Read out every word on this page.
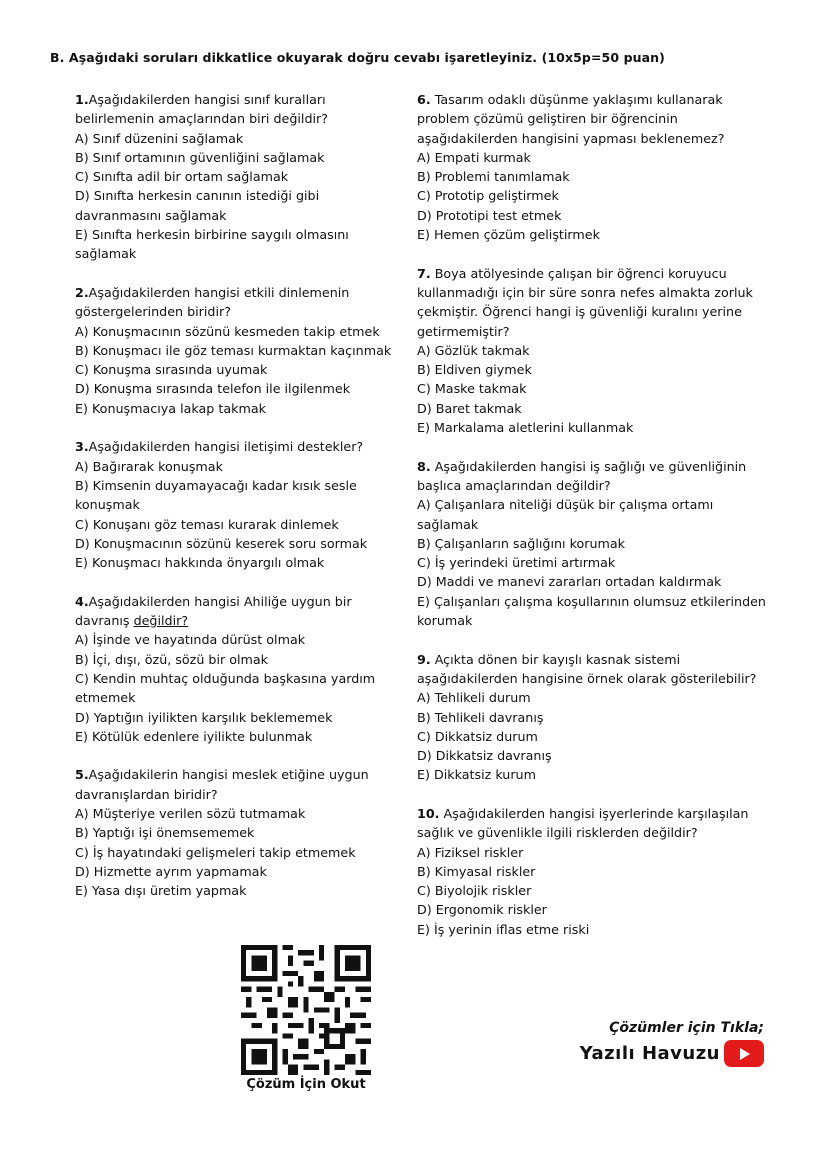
B. Aşağıdaki soruları dikkatlice okuyarak doğru cevabı işaretleyiniz. (10x5p=50 puan)
1.Aşağıdakilerden hangisi sınıf kuralları belirlemenin amaçlarından biri değildir?
A) Sınıf düzenini sağlamak
B) Sınıf ortamının güvenliğini sağlamak
C) Sınıfta adil bir ortam sağlamak
D) Sınıfta herkesin canının istediği gibi davranmasını sağlamak
E) Sınıfta herkesin birbirine saygılı olmasını sağlamak
2.Aşağıdakilerden hangisi etkili dinlemenin göstergelerinden biridir?
A) Konuşmacının sözünü kesmeden takip etmek
B) Konuşmacı ile göz teması kurmaktan kaçınmak
C) Konuşma sırasında uyumak
D) Konuşma sırasında telefon ile ilgilenmek
E) Konuşmacıya lakap takmak
3.Aşağıdakilerden hangisi iletişimi destekler?
A) Bağırarak konuşmak
B) Kimsenin duyamayacağı kadar kısık sesle konuşmak
C) Konuşanı göz teması kurarak dinlemek
D) Konuşmacının sözünü keserek soru sormak
E) Konuşmacı hakkında önyargılı olmak
4.Aşağıdakilerden hangisi Ahiliğe uygun bir davranış değildir?
A) İşinde ve hayatında dürüst olmak
B) İçi, dışı, özü, sözü bir olmak
C) Kendin muhtaç olduğunda başkasına yardım etmemek
D) Yaptığın iyilikten karşılık beklememek
E) Kötülük edenlere iyilikte bulunmak
5.Aşağıdakilerin hangisi meslek etiğine uygun davranışlardan biridir?
A) Müşteriye verilen sözü tutmamak
B) Yaptığı işi önemsememek
C) İş hayatındaki gelişmeleri takip etmemek
D) Hizmette ayrım yapmamak
E) Yasa dışı üretim yapmak
6. Tasarım odaklı düşünme yaklaşımı kullanarak problem çözümü geliştiren bir öğrencinin aşağıdakilerden hangisini yapması beklenemez?
A) Empati kurmak
B) Problemi tanımlamak
C) Prototip geliştirmek
D) Prototipi test etmek
E) Hemen çözüm geliştirmek
7. Boya atölyesinde çalışan bir öğrenci koruyucu kullanmadığı için bir süre sonra nefes almakta zorluk çekmiştir. Öğrenci hangi iş güvenliği kuralını yerine getirmemiştir?
A) Gözlük takmak
B) Eldiven giymek
C) Maske takmak
D) Baret takmak
E) Markalama aletlerini kullanmak
8. Aşağıdakilerden hangisi iş sağlığı ve güvenliğinin başlıca amaçlarından değildir?
A) Çalışanlara niteliği düşük bir çalışma ortamı sağlamak
B) Çalışanların sağlığını korumak
C) İş yerindeki üretimi artırmak
D) Maddi ve manevi zararları ortadan kaldırmak
E) Çalışanları çalışma koşullarının olumsuz etkilerinden korumak
9. Açıkta dönen bir kayışlı kasnak sistemi aşağıdakilerden hangisine örnek olarak gösterilebilir?
A) Tehlikeli durum
B) Tehlikeli davranış
C) Dikkatsiz durum
D) Dikkatsiz davranış
E) Dikkatsiz kurum
10. Aşağıdakilerden hangisi işyerlerinde karşılaşılan sağlık ve güvenlikle ilgili risklerden değildir?
A) Fiziksel riskler
B) Kimyasal riskler
C) Biyolojik riskler
D) Ergonomik riskler
E) İş yerinin iflas etme riski
Çözüm İçin Okut
Çözümler için Tıkla;
Yazılı Havuzu
